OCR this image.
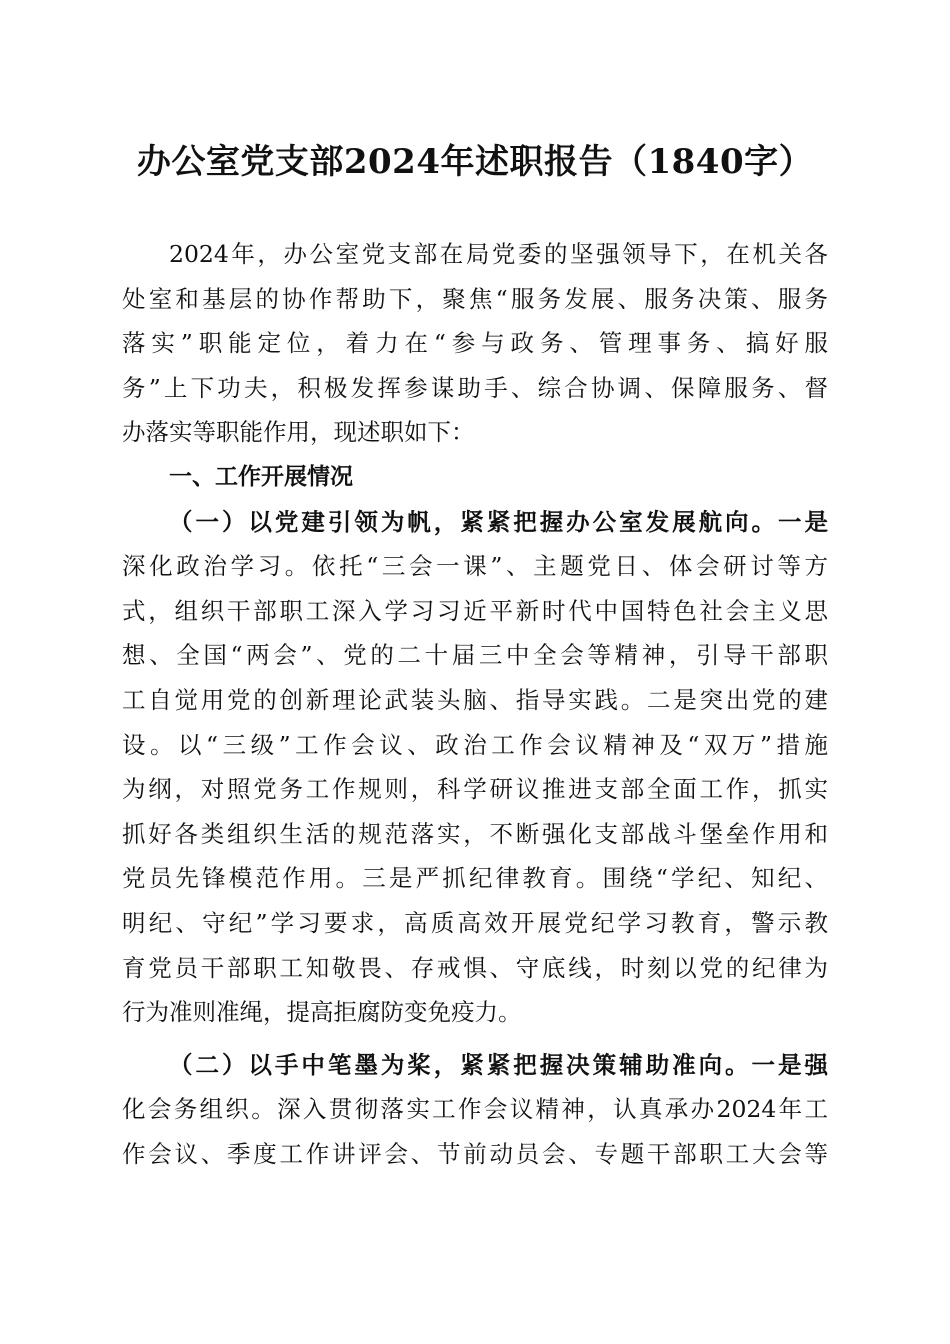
办公室党支部2024年述职报告（1840字）
2024年，办公室党支部在局党委的坚强领导下，在机关各
处室和基层的协作帮助下，聚焦“服务发展、服务决策、服务
落实”职能定位，着力在“参与政务、管理事务、搞好服
务”上下功夫，积极发挥参谋助手、综合协调、保障服务、督
办落实等职能作用，现述职如下：
一、工作开展情况
（一）以党建引领为帆，紧紧把握办公室发展航向。一是
深化政治学习。依托“三会一课”、主题党日、体会研讨等方
式，组织干部职工深入学习习近平新时代中国特色社会主义思
想、全国“两会”、党的二十届三中全会等精神，引导干部职
工自觉用党的创新理论武装头脑、指导实践。二是突出党的建
设。以“三级”工作会议、政治工作会议精神及“双万”措施
为纲，对照党务工作规则，科学研议推进支部全面工作，抓实
抓好各类组织生活的规范落实，不断强化支部战斗堡垒作用和
党员先锋模范作用。三是严抓纪律教育。围绕“学纪、知纪、
明纪、守纪”学习要求，高质高效开展党纪学习教育，警示教
育党员干部职工知敬畏、存戒惧、守底线，时刻以党的纪律为
行为准则准绳，提高拒腐防变免疫力。
（二）以手中笔墨为桨，紧紧把握决策辅助准向。一是强
化会务组织。深入贯彻落实工作会议精神，认真承办2024年工
作会议、季度工作讲评会、节前动员会、专题干部职工大会等
